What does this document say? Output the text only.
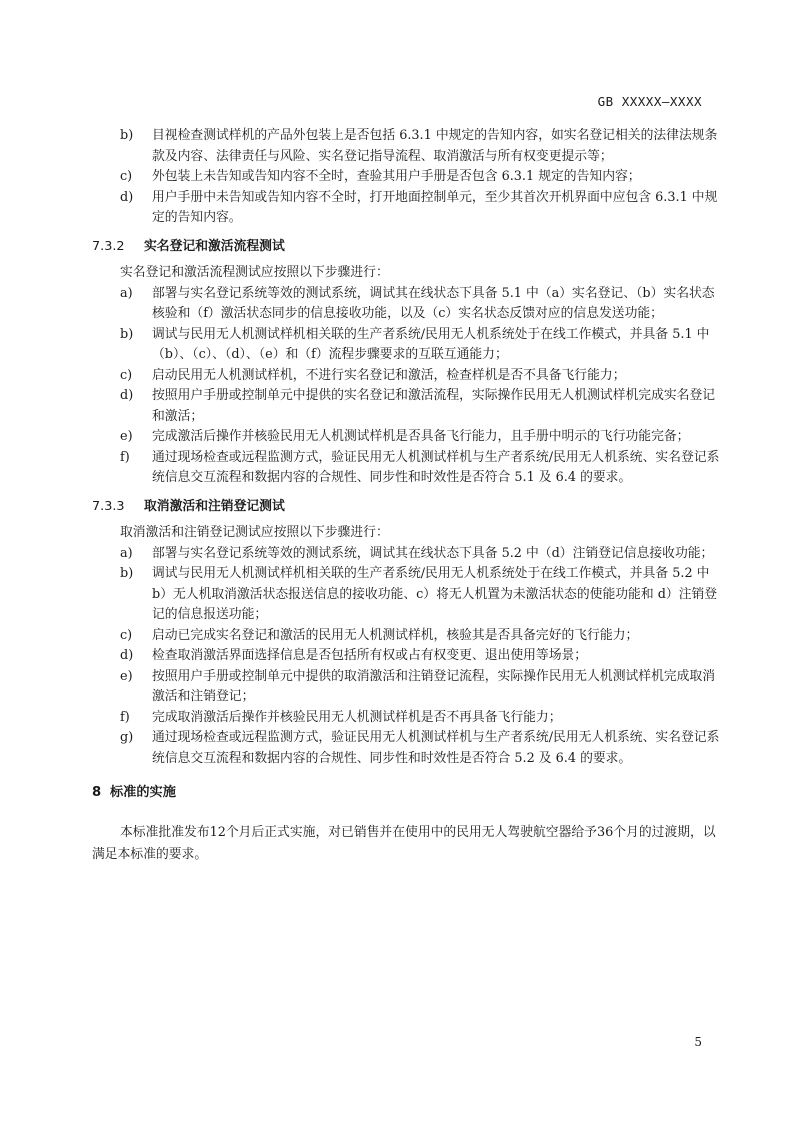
GB XXXXX—XXXX
b) 目视检查测试样机的产品外包装上是否包括 6.3.1 中规定的告知内容，如实名登记相关的法律法规条款及内容、法律责任与风险、实名登记指导流程、取消激活与所有权变更提示等；
c) 外包装上未告知或告知内容不全时，查验其用户手册是否包含 6.3.1 规定的告知内容；
d) 用户手册中未告知或告知内容不全时，打开地面控制单元，至少其首次开机界面中应包含 6.3.1 中规定的告知内容。
7.3.2 实名登记和激活流程测试
实名登记和激活流程测试应按照以下步骤进行：
a) 部署与实名登记系统等效的测试系统，调试其在线状态下具备 5.1 中（a）实名登记、（b）实名状态核验和（f）激活状态同步的信息接收功能，以及（c）实名状态反馈对应的信息发送功能；
b) 调试与民用无人机测试样机相关联的生产者系统/民用无人机系统处于在线工作模式，并具备 5.1 中（b）、（c）、（d）、（e）和（f）流程步骤要求的互联互通能力；
c) 启动民用无人机测试样机，不进行实名登记和激活，检查样机是否不具备飞行能力；
d) 按照用户手册或控制单元中提供的实名登记和激活流程，实际操作民用无人机测试样机完成实名登记和激活；
e) 完成激活后操作并核验民用无人机测试样机是否具备飞行能力，且手册中明示的飞行功能完备；
f) 通过现场检查或远程监测方式，验证民用无人机测试样机与生产者系统/民用无人机系统、实名登记系统信息交互流程和数据内容的合规性、同步性和时效性是否符合 5.1 及 6.4 的要求。
7.3.3 取消激活和注销登记测试
取消激活和注销登记测试应按照以下步骤进行：
a) 部署与实名登记系统等效的测试系统，调试其在线状态下具备 5.2 中（d）注销登记信息接收功能；
b) 调试与民用无人机测试样机相关联的生产者系统/民用无人机系统处于在线工作模式，并具备 5.2 中 b）无人机取消激活状态报送信息的接收功能、c）将无人机置为未激活状态的使能功能和 d）注销登记的信息报送功能；
c) 启动已完成实名登记和激活的民用无人机测试样机，核验其是否具备完好的飞行能力；
d) 检查取消激活界面选择信息是否包括所有权或占有权变更、退出使用等场景；
e) 按照用户手册或控制单元中提供的取消激活和注销登记流程，实际操作民用无人机测试样机完成取消激活和注销登记；
f) 完成取消激活后操作并核验民用无人机测试样机是否不再具备飞行能力；
g) 通过现场检查或远程监测方式，验证民用无人机测试样机与生产者系统/民用无人机系统、实名登记系统信息交互流程和数据内容的合规性、同步性和时效性是否符合 5.2 及 6.4 的要求。
8 标准的实施
本标准批准发布12个月后正式实施，对已销售并在使用中的民用无人驾驶航空器给予36个月的过渡期，以满足本标准的要求。
5
